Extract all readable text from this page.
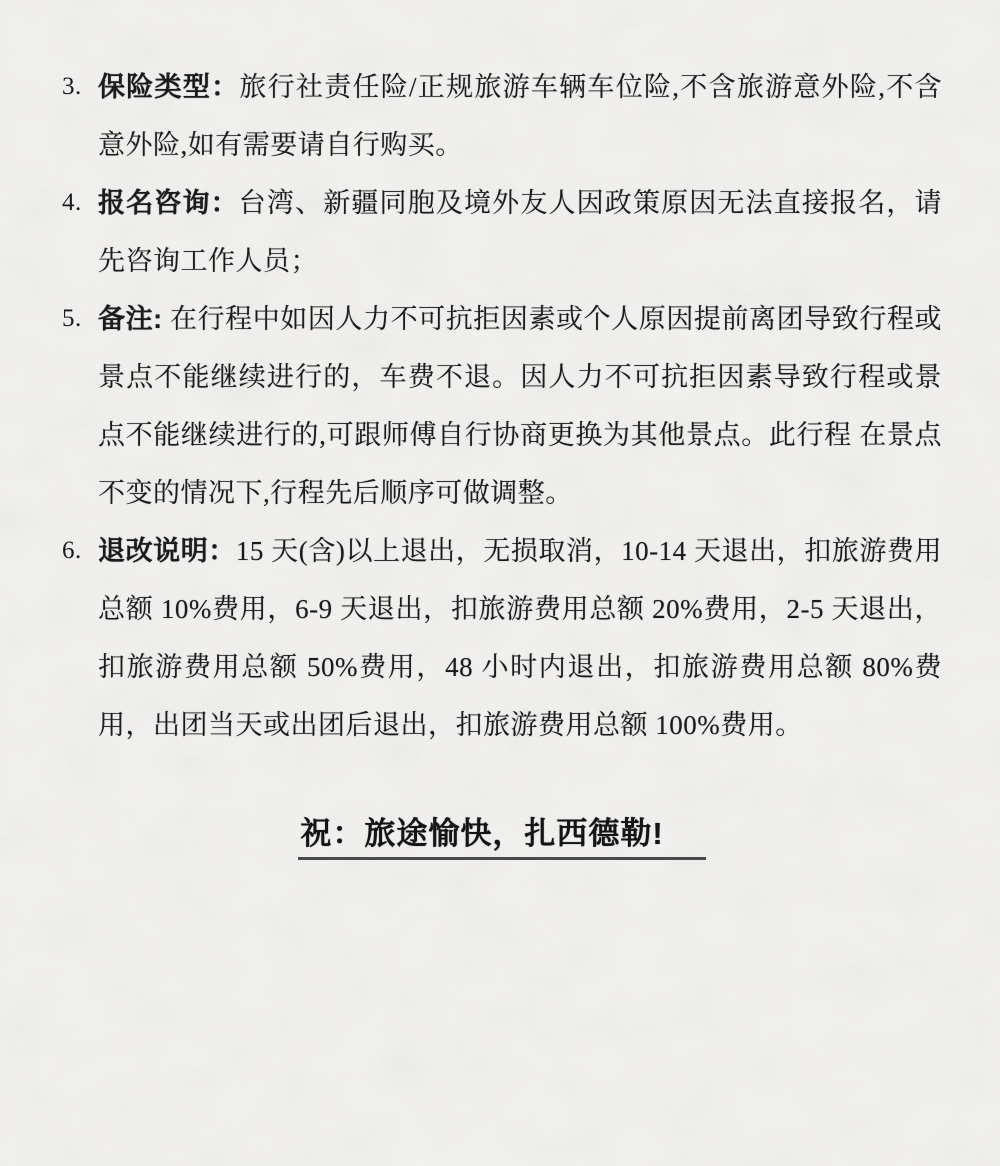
3. 保险类型：旅行社责任险/正规旅游车辆车位险,不含旅游意外险,不含意外险,如有需要请自行购买。
4. 报名咨询：台湾、新疆同胞及境外友人因政策原因无法直接报名，请先咨询工作人员；
5. 备注: 在行程中如因人力不可抗拒因素或个人原因提前离团导致行程或景点不能继续进行的，车费不退。因人力不可抗拒因素导致行程或景点不能继续进行的,可跟师傅自行协商更换为其他景点。此行程 在景点不变的情况下,行程先后顺序可做调整。
6. 退改说明：15 天(含)以上退出，无损取消，10-14 天退出，扣旅游费用总额 10%费用，6-9 天退出，扣旅游费用总额 20%费用，2-5 天退出，扣旅游费用总额 50%费用，48 小时内退出，扣旅游费用总额 80%费用，出团当天或出团后退出，扣旅游费用总额 100%费用。
祝：旅途愉快，扎西德勒!
